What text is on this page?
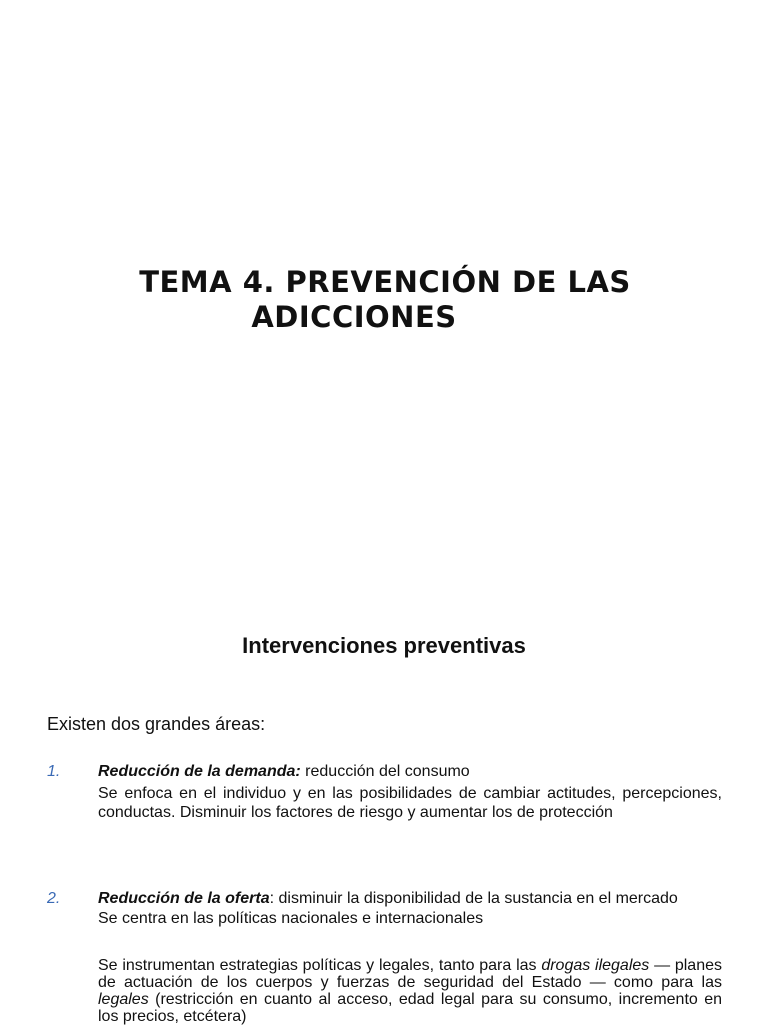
TEMA 4. PREVENCIÓN DE LAS
ADICCIONES
Intervenciones preventivas
Existen dos grandes áreas:
1. Reducción de la demanda: reducción del consumo

Se enfoca en el individuo y en las posibilidades de cambiar actitudes, percepciones, conductas. Disminuir los factores de riesgo y aumentar los de protección

2. Reducción de la oferta: disminuir la disponibilidad de la sustancia en el mercado

Se centra en las políticas nacionales e internacionales

Se instrumentan estrategias políticas y legales, tanto para las drogas ilegales — planes de actuación de los cuerpos y fuerzas de seguridad del Estado — como para las legales (restricción en cuanto al acceso, edad legal para su consumo, incremento en los precios, etcétera)
